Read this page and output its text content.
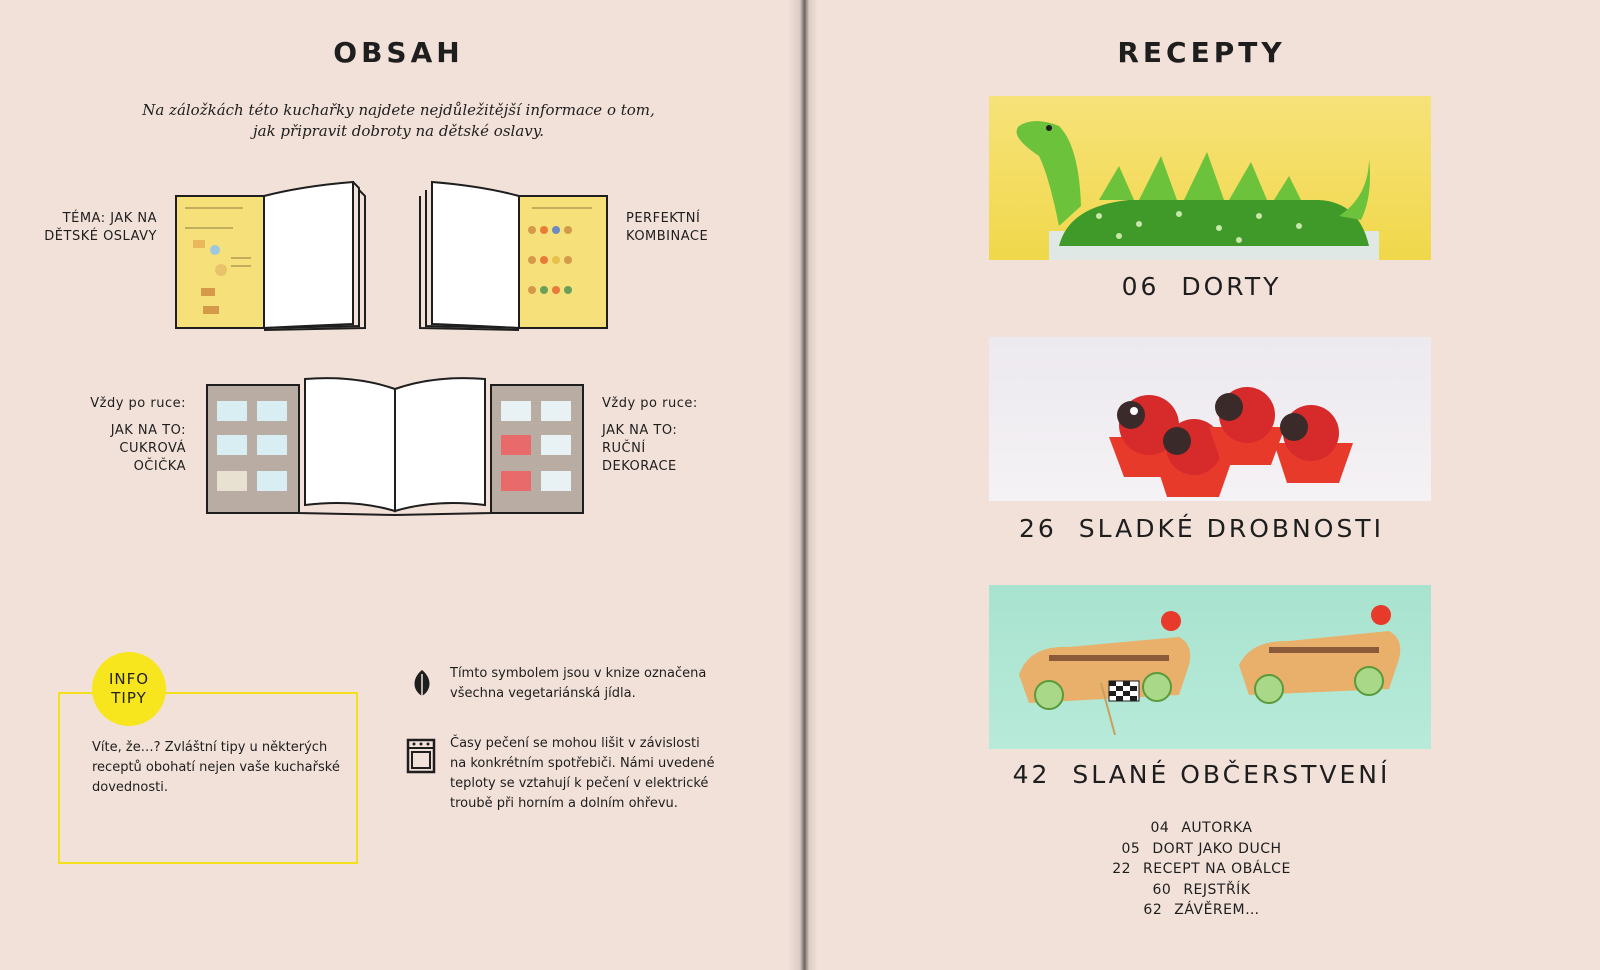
OBSAH
Na záložkách této kuchařky najdete nejdůležitější informace o tom,
jak připravit dobroty na dětské oslavy.
TÉMA: JAK NA
DĚTSKÉ OSLAVY
PERFEKTNÍ
KOMBINACE
Vždy po ruce:
JAK NA TO:
CUKROVÁ
OČIČKA
Vždy po ruce:
JAK NA TO:
RUČNÍ
DEKORACE
INFO
TIPY
Víte, že…? Zvláštní tipy u některých
receptů obohatí nejen vaše kuchařské
dovednosti.
Tímto symbolem jsou v knize označena
všechna vegetariánská jídla.
Časy pečení se mohou lišit v závislosti
na konkrétním spotřebiči. Námi uvedené
teploty se vztahují k pečení v elektrické
troubě při horním a dolním ohřevu.
RECEPTY
06 DORTY
26 SLADKÉ DROBNOSTI
42 SLANÉ OBČERSTVENÍ
04 AUTORKA
05 DORT JAKO DUCH
22 RECEPT NA OBÁLCE
60 REJSTŘÍK
62 ZÁVĚREM…
